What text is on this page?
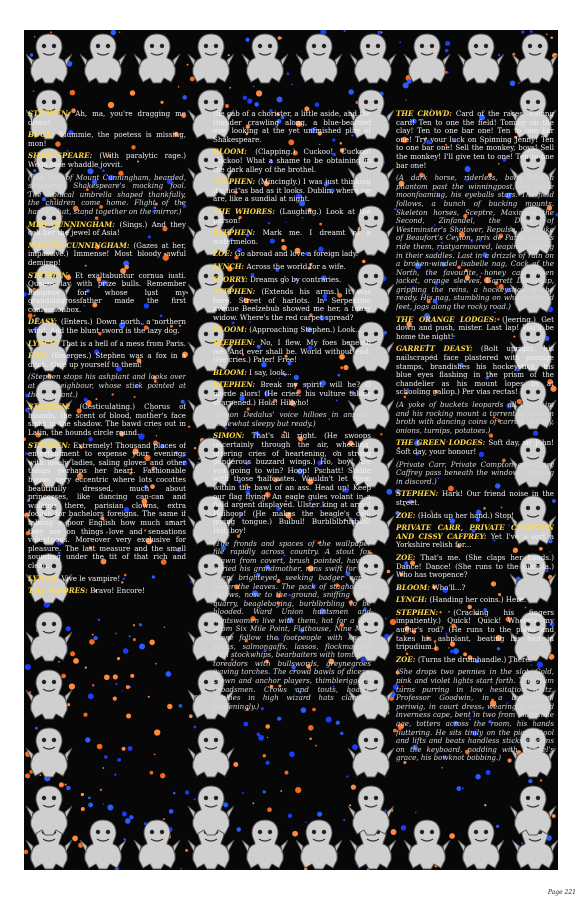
STEPHEN: Ah, ma, you're dragging me down!

BUCK: Mummie, the poetess is missing, mon!

SHAKESPEARE: (With paralytic rage.) Weda ssee whaddle jovvit.

(The lady of Mount Cunningham, bearded, senatorial, Shakespeare's mocking fool. The ironical umbrella shaped thankfully, the children come home. Flight of the harlot's hat, stand together on the mirror.)

MRS CUNNINGHAM: (Sings.) And they call her the jewel of Asia!

MARTIN CUNNINGHAM: (Gazes at her, impassive.) Immense! Most bloody awful demirep!

STEPHEN: Et exaltabuntur cornua iusti. Queens lay with prize bulls. Remember Pasiphae for whose lust my grandoldgrossfather made the first confessionbox.

DEASY: (Enters.) Down north, a northern wind. And the blunt sword is the lazy dog.

LYNCH: That is a hell of a mess from Paris.

FOX: (Emerges.) Stephen was a fox in a ditch. Give up yourself to them!

(Stephen stops his ashplant and looks over at the neighbour, whose stick pointed at the ashplant.)

STEPHEN: (Gesticulating.) Chorus of hounds, the scent of blood, mother's face sinks in the shadow. The bawd cries out in Latin, the hounds circle round.

STEPHEN: Extremely! Thousand places of entertainment to expense your evenings with lovely ladies, saling gloves and other things perhaps her heart. Fashionable house, very eccentric where lots cocottes beautifully dressed, much about princesses, like dancing can-can and walking there, parisian clowns, extra foolish for bachelors foreigns. The same if talking a poor English how much smart they are on things love and sensations voluptuous. Moreover very exclusive for pleasure. The last measure and the smell sounding under the tit of that rich and clean.

LYNCH: Vive le vampire!

THE WHORES: Bravo! Encore!

the cab of a chorister, a little aside, and the thunder crawling along, a blue-bearded eye, looking at the yet unfinished play of Shakespeare.

BLOOM: (Clapping.) Cuckoo! Cuckoo! Cuckoo! What a shame to be obtaining in the dark alley of the brothel.

STEPHEN: (Mincingly.) I was just thinking it's not as bad as it looks. Dublin, where we are, like a sundial at night.

THE WHORES: (Laughing.) Look at the parson!

STEPHEN: Mark me. I dreamt of a watermelon.

ZOE: Go abroad and love a foreign lady.

LYNCH: Across the world for a wife.

FLORRY: Dreams go by contraries.

STEPHEN: (Extends his arms.) It was here. Street of harlots. In Serpentine avenue Beelzebub showed me her, a fubsy widow. Where's the red carpet spread?

BLOOM: (Approaching Stephen.) Look...

STEPHEN: No, I flew. My foes beneath me. And ever shall be. World without end. (He cries.) Pater! Free!

BLOOM: I say, look...

STEPHEN: Break my spirit, will he? O merde alors! (He cries, his vulture talons sharpened.) Hola! Hillyho!

(Simon Dedalus' voice hilloes in answer, somewhat sleepy but ready.)

SIMON: That's all right. (He swoops uncertainly through the air, wheeling, uttering cries of heartening, on strong ponderous buzzard wings.) Ho, boy! Are you going to win? Hoop! Pschatt! Stable with those halfcastes. Wouldn't let them within the bawl of an ass. Head up! Keep our flag flying! An eagle gules volant in a field argent displayed. Ulster king at arms! Haihoop! (He makes the beagle's call, giving tongue.) Bulbul! Burblblbrurblbl! Hai, boy!

(The fronds and spaces of the wallpaper file rapidly across country. A stout fox drawn from covert, brush pointed, having buried his grandmother, runs swift for the open, brighteyed, seeking badger earth, under the leaves. The pack of staghounds follows, nose to the ground, sniffing their quarry, beaglebaying, burblbrbling to be blooded. Ward Union huntsmen and huntswomen live with them, hot for a kill. From Six Mile Point, Flathouse, Nine Mile Stone follow the footpeople with knotty sticks, salmongaffs, lassos, flockmasters with stockwhips, bearbaiters with tomtoms, toreadors with bullswords, greynegroes waving torches. The crowd bawls of dicers, crown and anchor players, thimbleriggers, broadsmen. Crows and touts, hoarse bookies in high wizard hats clamour deafeningly.)

THE CROWD: Card of the races. Racing card! Ten to one the field! Tommy on the clay! Ten to one bar one! Ten to one bar one! Try your luck on Spinning Jenny! Ten to one bar one! Sell the monkey, boys! Sell the monkey! I'll give ten to one! Ten to one bar one!

(A dark horse, riderless, bolts like a phantom past the winningpost, his mane moonfoaming, his eyeballs stars. The field follows, a bunch of bucking mounts. Skeleton horses, Sceptre, Maximum the Second, Zinfandel, the Duke of Westminster's Shotover, Repulse, the Duke of Beaufort's Ceylon, prix de Paris. Dwarfs ride them, rustyarmoured, leaping, leaping in their saddles. Last in a drizzle of rain on a broken-winded isabelle nag, Cock of the North, the favourite, honey cap, green jacket, orange sleeves, Garrett Deasy up, gripping the reins, a hockeystick at the ready. His nag, stumbling on whitegaitered feet, jogs along the rocky road.)

THE ORANGE LODGES: (Jeering.) Get down and push, mister. Last lap! You'll be home the night!

GARRETT DEASY: (Bolt upright, his nailscraped face plastered with postage stamps, brandishes his hockeystick, his blue eyes flashing in the prism of the chandelier as his mount lopes by at schooling gallop.) Per vias rectas!

(A yoke of buckets leopards all over him and his rocking mount a torrent of mutton broth with dancing coins of carrots, barley, onions, turnips, potatoes.)

THE GREEN LODGES: Soft day, sir John! Soft day, your honour!

(Private Carr, Private Compton and Cissy Caffrey pass beneath the windows, singing in discord.)

STEPHEN: Hark! Our friend noise in the street.

ZOE: (Holds up her hand.) Stop!

PRIVATE CARR, PRIVATE COMPTON AND CISSY CAFFREY: Yet I've a sort a Yorkshire relish for...

ZOE: That's me. (She claps her hands.) Dance! Dance! (She runs to the pianola.) Who has twopence?

BLOOM: Who'll...?

LYNCH: (Handing her coins.) Here.

STEPHEN: (Cracking his fingers impatiently.) Quick! Quick! Where's my augur's rod? (He runs to the piano and takes his ashplant, beating his foot in tripudium.)

ZOE: (Turns the drumhandle.) There.

(She drops two pennies in the slot. Gold, pink and violet lights start forth. The drum turns purring in low hesitation waltz. Professor Goodwin, in a bowknotted periwig, in court dress, wearing a stained inverness cape, bent in two from incredible age, totters across the room, his hands fluttering. He sits tinily on the piano stool and lifts and beats handless sticks of arms on the keyboard, nodding with damsel's grace, his bowknot bobbing.)

Page 221
